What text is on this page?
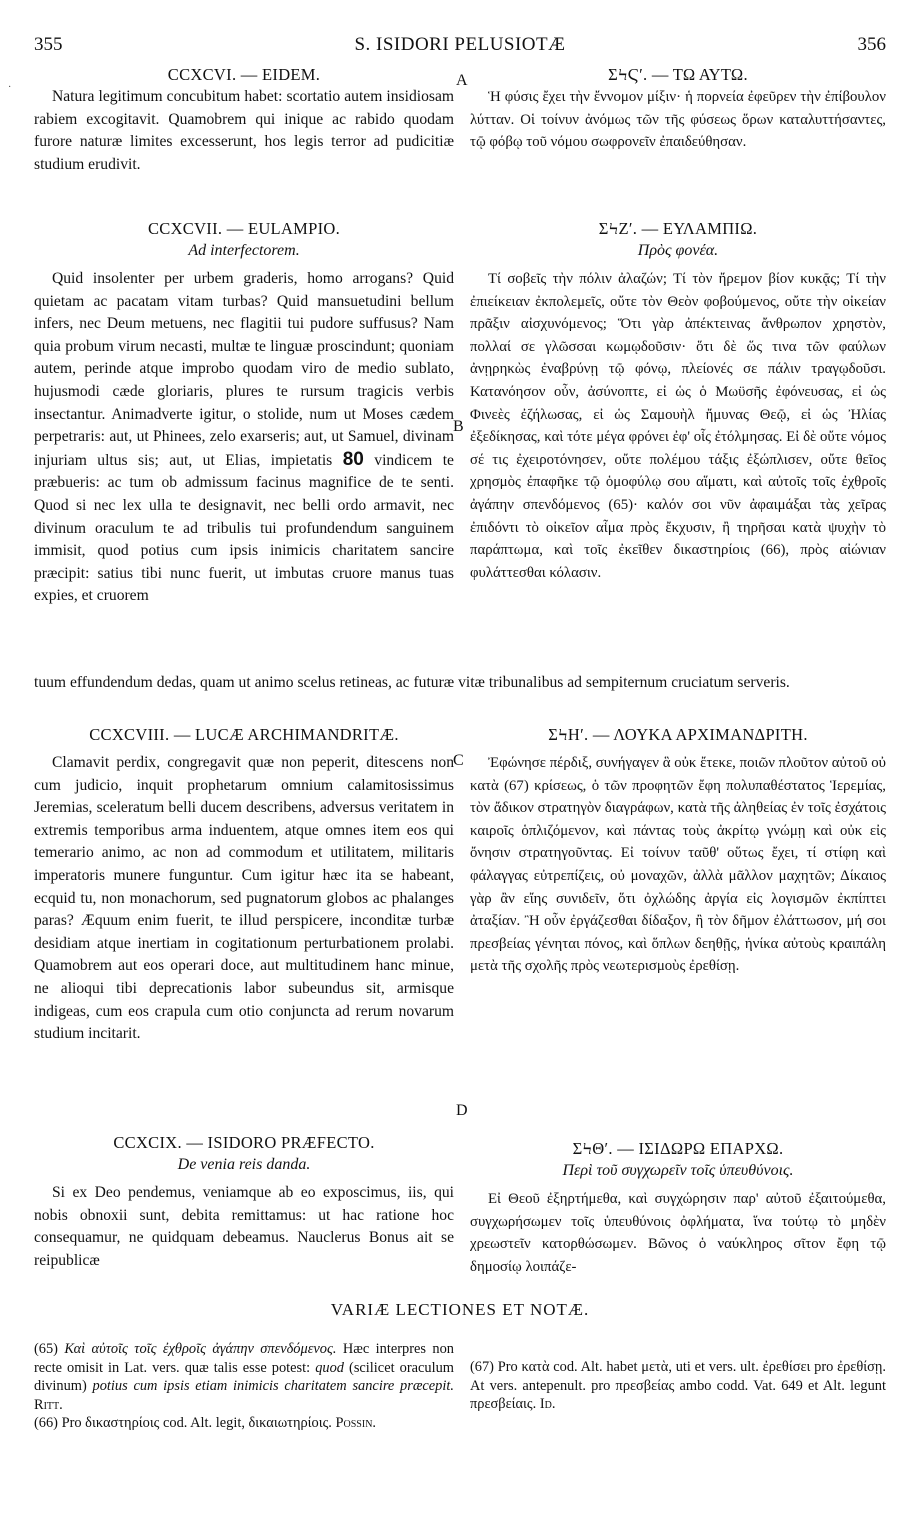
·
355	S. ISIDORI PELUSIOTÆ	356
CCXCVI. — EIDEM.

Natura legitimum concubitum habet: scortatio autem insidiosam rabiem excogitavit. Quamobrem qui inique ac rabido quodam furore naturæ limites excesserunt, hos legis terror ad pudicitiæ studium erudivit.

A	ΣϞϚʹ. — ΤΩ ΑΥΤΩ.

Ἡ φύσις ἔχει τὴν ἔννομον μίξιν· ἡ πορνεία ἐφεῦρεν τὴν ἐπίβουλον λύτταν. Οἱ τοίνυν ἀνόμως τῶν τῆς φύσεως ὅρων καταλυττήσαντες, τῷ φόβῳ τοῦ νόμου σωφρονεῖν ἐπαιδεύθησαν.

CCXCVII. — EULAMPIO.
Ad interfectorem.

Quid insolenter per urbem graderis, homo arrogans? Quid quietam ac pacatam vitam turbas? Quid mansuetudini bellum infers, nec Deum metuens, nec flagitii tui pudore suffusus? Nam quia probum virum necasti, multæ te linguæ proscindunt; quoniam autem, perinde atque improbo quodam viro de medio sublato, hujusmodi cæde gloriaris, plures te rursum tragicis verbis insectantur. Animadverte igitur, o stolide, num ut Moses cædem perpetraris: aut, ut Phinees, zelo exarseris; aut, ut Samuel, divinam injuriam ultus sis; aut, ut Elias, impietatis 80 vindicem te præbueris: ac tum ob admissum facinus magnifice de te senti. Quod si nec lex ulla te designavit, nec belli ordo armavit, nec divinum oraculum te ad tribulis tui profundendum sanguinem immisit, quod potius cum ipsis inimicis charitatem sancire præcipit: satius tibi nunc fuerit, ut imbutas cruore manus tuas expies, et cruorem

B
ΣϞΖʹ. — ΕΥΛΑΜΠΙΩ.
Πρὸς φονέα.

Τί σοβεῖς τὴν πόλιν ἀλαζών; Τί τὸν ἤρεμον βίον κυκᾷς; Τί τὴν ἐπιείκειαν ἐκπολεμεῖς, οὔτε τὸν Θεὸν φοβούμενος, οὔτε τὴν οἰκείαν πρᾶξιν αἰσχυνόμενος; Ὅτι γὰρ ἀπέκτεινας ἄνθρωπον χρηστὸν, πολλαί σε γλῶσσαι κωμῳδοῦσιν· ὅτι δὲ ὥς τινα τῶν φαύλων ἀνῃρηκὼς ἐναβρύνῃ τῷ φόνῳ, πλείονές σε πάλιν τραγῳδοῦσι. Κατανόησον οὖν, ἀσύνοπτε, εἰ ὡς ὁ Μωϋσῆς ἐφόνευσας, εἰ ὡς Φινεὲς ἐζήλωσας, εἰ ὡς Σαμουὴλ ἤμυνας Θεῷ, εἰ ὡς Ἠλίας ἐξεδίκησας, καὶ τότε μέγα φρόνει ἐφ' οἷς ἐτόλμησας. Εἰ δὲ οὔτε νόμος σέ τις ἐχειροτόνησεν, οὔτε πολέμου τάξις ἐξώπλισεν, οὔτε θεῖος χρησμὸς ἐπαφῆκε τῷ ὁμοφύλῳ σου αἵματι, καὶ αὐτοῖς τοῖς ἐχθροῖς ἀγάπην σπενδόμενος (65)· καλόν σοι νῦν ἀφαιμάξαι τὰς χεῖρας ἐπιδόντι τὸ οἰκεῖον αἷμα πρὸς ἔκχυσιν, ἢ τηρῆσαι κατὰ ψυχὴν τὸ παράπτωμα, καὶ τοῖς ἐκεῖθεν δικαστηρίοις (66), πρὸς αἰώνιαν φυλάττεσθαι κόλασιν.

tuum effundendum dedas, quam ut animo scelus retineas, ac futuræ vitæ tribunalibus ad sempiternum cruciatum serveris.

CCXCVIII. — LUCÆ ARCHIMANDRITÆ.

Clamavit perdix, congregavit quæ non peperit, ditescens non cum judicio, inquit prophetarum omnium calamitosissimus Jeremias, sceleratum belli ducem describens, adversus veritatem in extremis temporibus arma induentem, atque omnes item eos qui temerario animo, ac non ad commodum et utilitatem, militaris imperatoris munere funguntur. Cum igitur hæc ita se habeant, ecquid tu, non monachorum, sed pugnatorum globos ac phalanges paras? Æquum enim fuerit, te illud perspicere, inconditæ turbæ desidiam atque inertiam in cogitationum perturbationem prolabi. Quamobrem aut eos operari doce, aut multitudinem hanc minue, ne alioqui tibi deprecationis labor subeundus sit, armisque indigeas, cum eos crapula cum otio conjuncta ad rerum novarum studium incitarit.

C
ΣϞΗʹ. — ΛΟΥΚΑ ΑΡΧΙΜΑΝΔΡΙΤΗ.

Ἐφώνησε πέρδιξ, συνήγαγεν ἃ οὐκ ἔτεκε, ποιῶν πλοῦτον αὐτοῦ οὐ κατὰ (67) κρίσεως, ὁ τῶν προφητῶν ἔφη πολυπαθέστατος Ἱερεμίας, τὸν ἄδικον στρατηγὸν διαγράφων, κατὰ τῆς ἀληθείας ἐν τοῖς ἐσχάτοις καιροῖς ὁπλιζόμενον, καὶ πάντας τοὺς ἀκρίτῳ γνώμῃ καὶ οὐκ εἰς ὄνησιν στρατηγοῦντας. Εἰ τοίνυν ταῦθ' οὕτως ἔχει, τί στίφη καὶ φάλαγγας εὐτρεπίζεις, οὐ μοναχῶν, ἀλλὰ μᾶλλον μαχητῶν; Δίκαιος γὰρ ἂν εἴης συνιδεῖν, ὅτι ὀχλώδης ἀργία εἰς λογισμῶν ἐκπίπτει ἀταξίαν. Ἢ οὖν ἐργάζεσθαι δίδαξον, ἢ τὸν δῆμον ἐλάττωσον, μή σοι πρεσβείας γένηται πόνος, καὶ ὅπλων δεηθῇς, ἡνίκα αὐτοὺς κραιπάλη μετὰ τῆς σχολῆς πρὸς νεωτερισμοὺς ἐρεθίσῃ.

D
CCXCIX. — ISIDORO PRÆFECTO.
De venia reis danda.

Si ex Deo pendemus, veniamque ab eo exposcimus, iis, qui nobis obnoxii sunt, debita remittamus: ut hac ratione hoc consequamur, ne quidquam debeamus. Nauclerus Bonus ait se reipublicæ

ΣϞΘʹ. — ΙΣΙΔΩΡΩ ΕΠΑΡΧΩ.
Περὶ τοῦ συγχωρεῖν τοῖς ὑπευθύνοις.

Εἰ Θεοῦ ἐξηρτήμεθα, καὶ συγχώρησιν παρ' αὐτοῦ ἐξαιτούμεθα, συγχωρήσωμεν τοῖς ὑπευθύνοις ὀφλήματα, ἵνα τούτῳ τὸ μηδὲν χρεωστεῖν κατορθώσωμεν. Βῶνος ὁ ναύκληρος σῖτον ἔφη τῷ δημοσίῳ λοιπάζε-

VARIÆ LECTIONES ET NOTÆ.

(65) Καὶ αὐτοῖς τοῖς ἐχθροῖς ἀγάπην σπενδόμενος. Hæc interpres non recte omisit in Lat. vers. quæ talis esse potest: quod (scilicet oraculum divinum) potius cum ipsis etiam inimicis charitatem sancire præcepit. Ritt.

(66) Pro δικαστηρίοις cod. Alt. legit, δικαιωτηρίοις. Possin.

(67) Pro κατὰ cod. Alt. habet μετὰ, uti et vers. ult. ἐρεθίσει pro ἐρεθίσῃ. At vers. antepenult. pro πρεσβείας ambo codd. Vat. 649 et Alt. legunt πρεσβείαις. Id.
